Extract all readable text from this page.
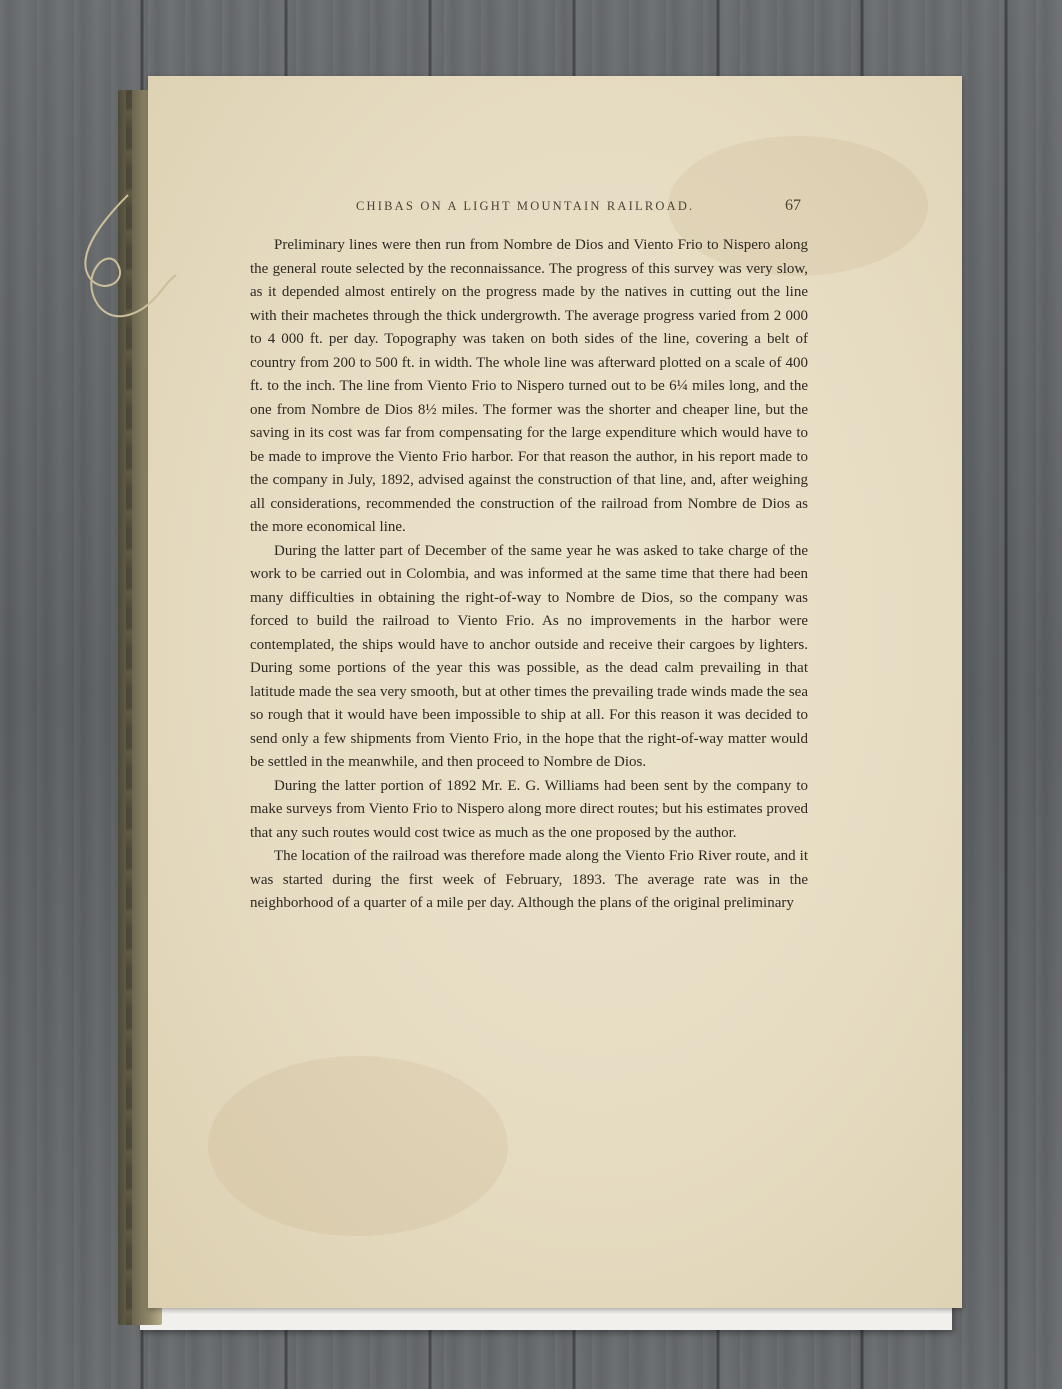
CHIBAS ON A LIGHT MOUNTAIN RAILROAD.	67

Preliminary lines were then run from Nombre de Dios and Viento Frio to Nispero along the general route selected by the reconnaissance. The progress of this survey was very slow, as it depended almost entirely on the progress made by the natives in cutting out the line with their machetes through the thick undergrowth. The average progress varied from 2 000 to 4 000 ft. per day. Topography was taken on both sides of the line, covering a belt of country from 200 to 500 ft. in width. The whole line was afterward plotted on a scale of 400 ft. to the inch. The line from Viento Frio to Nispero turned out to be 6¼ miles long, and the one from Nombre de Dios 8½ miles. The former was the shorter and cheaper line, but the saving in its cost was far from compensating for the large expenditure which would have to be made to improve the Viento Frio harbor. For that reason the author, in his report made to the company in July, 1892, advised against the construction of that line, and, after weighing all considerations, recommended the construction of the railroad from Nombre de Dios as the more economical line.

During the latter part of December of the same year he was asked to take charge of the work to be carried out in Colombia, and was informed at the same time that there had been many difficulties in obtaining the right-of-way to Nombre de Dios, so the company was forced to build the railroad to Viento Frio. As no improvements in the harbor were contemplated, the ships would have to anchor outside and receive their cargoes by lighters. During some portions of the year this was possible, as the dead calm prevailing in that latitude made the sea very smooth, but at other times the prevailing trade winds made the sea so rough that it would have been impossible to ship at all. For this reason it was decided to send only a few shipments from Viento Frio, in the hope that the right-of-way matter would be settled in the meanwhile, and then proceed to Nombre de Dios.

During the latter portion of 1892 Mr. E. G. Williams had been sent by the company to make surveys from Viento Frio to Nispero along more direct routes; but his estimates proved that any such routes would cost twice as much as the one proposed by the author.

The location of the railroad was therefore made along the Viento Frio River route, and it was started during the first week of February, 1893. The average rate was in the neighborhood of a quarter of a mile per day. Although the plans of the original preliminary
